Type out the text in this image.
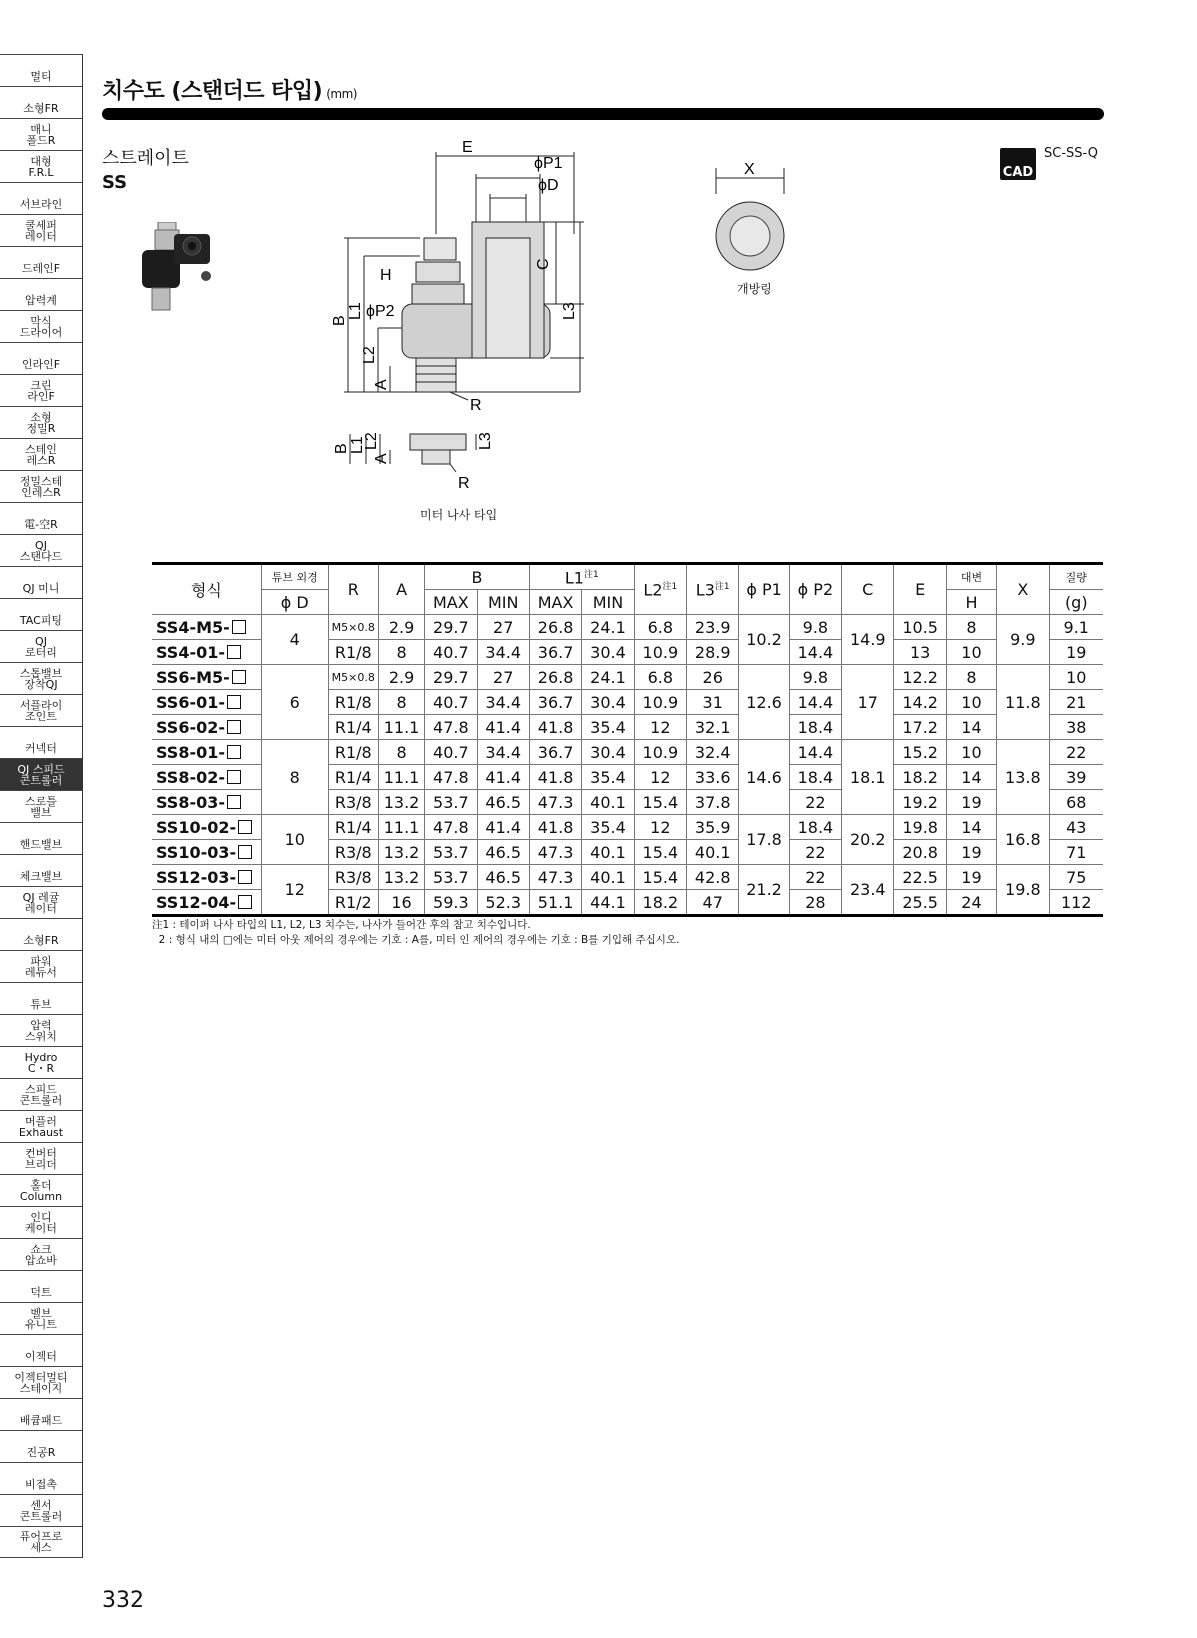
멀티
소형FR
매니
폴드R
대형
F.R.L
서브라인
쿨세퍼
레이터
드레인F
압력계
막식
드라이어
인라인F
크린
라인F
소형
정밀R
스테인
레스R
정밀스테
인레스R
電-空R
QJ
스탠다드
QJ 미니
TAC피팅
QJ
로터리
스톱밸브
장착QJ
서플라이
조인트
커넥터
QJ 스피드
콘트롤러
스로틀
밸브
핸드밸브
체크밸브
QJ 레귤
레이터
소형FR
파워
레듀서
튜브
압력
스위치
Hydro
C・R
스피드
콘트롤러
머플러
Exhaust
컨버터
브리더
홀더
Column
인디
케이터
쇼크
압쇼바
덕트
벨브
유니트
이젝터
이젝터멀티
스테이지
배큠패드
진공R
비접촉
센서
콘트롤러
퓨어프로
세스
치수도 (스탠더드 타입) (mm)
스트레이트
SS	CAD
SC-SS-Q
E
ϕP1
ϕD
C
L3
H
B
L1 ϕP2
L2
A
R
B L1
L2
A
L3
R
X
개방링
미터 나사 타입
형식	튜브 외경	R	A	B		L1$^{注1}$		L2$^{注1}$	L3$^{注1}$	ϕ P1	ϕ P2	C	E	대변	X	질량
	ϕ D			MAX	MIN	MAX	MIN							H		(g)
SS4-M5-	4	M5×0.8	2.9	29.7	27	26.8	24.1	6.8	23.9	10.2	9.8	14.9	10.5	8	9.9	9.1
SS4-01-		R1/8	8	40.7	34.4	36.7	30.4	10.9	28.9		14.4		13	10		19
SS6-M5-	6	M5×0.8	2.9	29.7	27	26.8	24.1	6.8	26	12.6	9.8	17	12.2	8	11.8	10
SS6-01-		R1/8	8	40.7	34.4	36.7	30.4	10.9	31		14.4		14.2	10		21
SS6-02-		R1/4	11.1	47.8	41.4	41.8	35.4	12	32.1		18.4		17.2	14		38
SS8-01-	8	R1/8	8	40.7	34.4	36.7	30.4	10.9	32.4	14.6	14.4	18.1	15.2	10	13.8	22
SS8-02-		R1/4	11.1	47.8	41.4	41.8	35.4	12	33.6		18.4		18.2	14		39
SS8-03-		R3/8	13.2	53.7	46.5	47.3	40.1	15.4	37.8		22		19.2	19		68
SS10-02-	10	R1/4	11.1	47.8	41.4	41.8	35.4	12	35.9	17.8	18.4	20.2	19.8	14	16.8	43
SS10-03-		R3/8	13.2	53.7	46.5	47.3	40.1	15.4	40.1		22		20.8	19		71
SS12-03-	12	R3/8	13.2	53.7	46.5	47.3	40.1	15.4	42.8	21.2	22	23.4	22.5	19	19.8	75
SS12-04-		R1/2	16	59.3	52.3	51.1	44.1	18.2	47		28		25.5	24		112
注1 : 테이퍼 나사 타입의 L1, L2, L3 치수는, 나사가 들어간 후의 참고 치수입니다.
2 : 형식 내의 □에는 미터 아웃 제어의 경우에는 기호 : A를, 미터 인 제어의 경우에는 기호 : B를 기입해 주십시오.
332
